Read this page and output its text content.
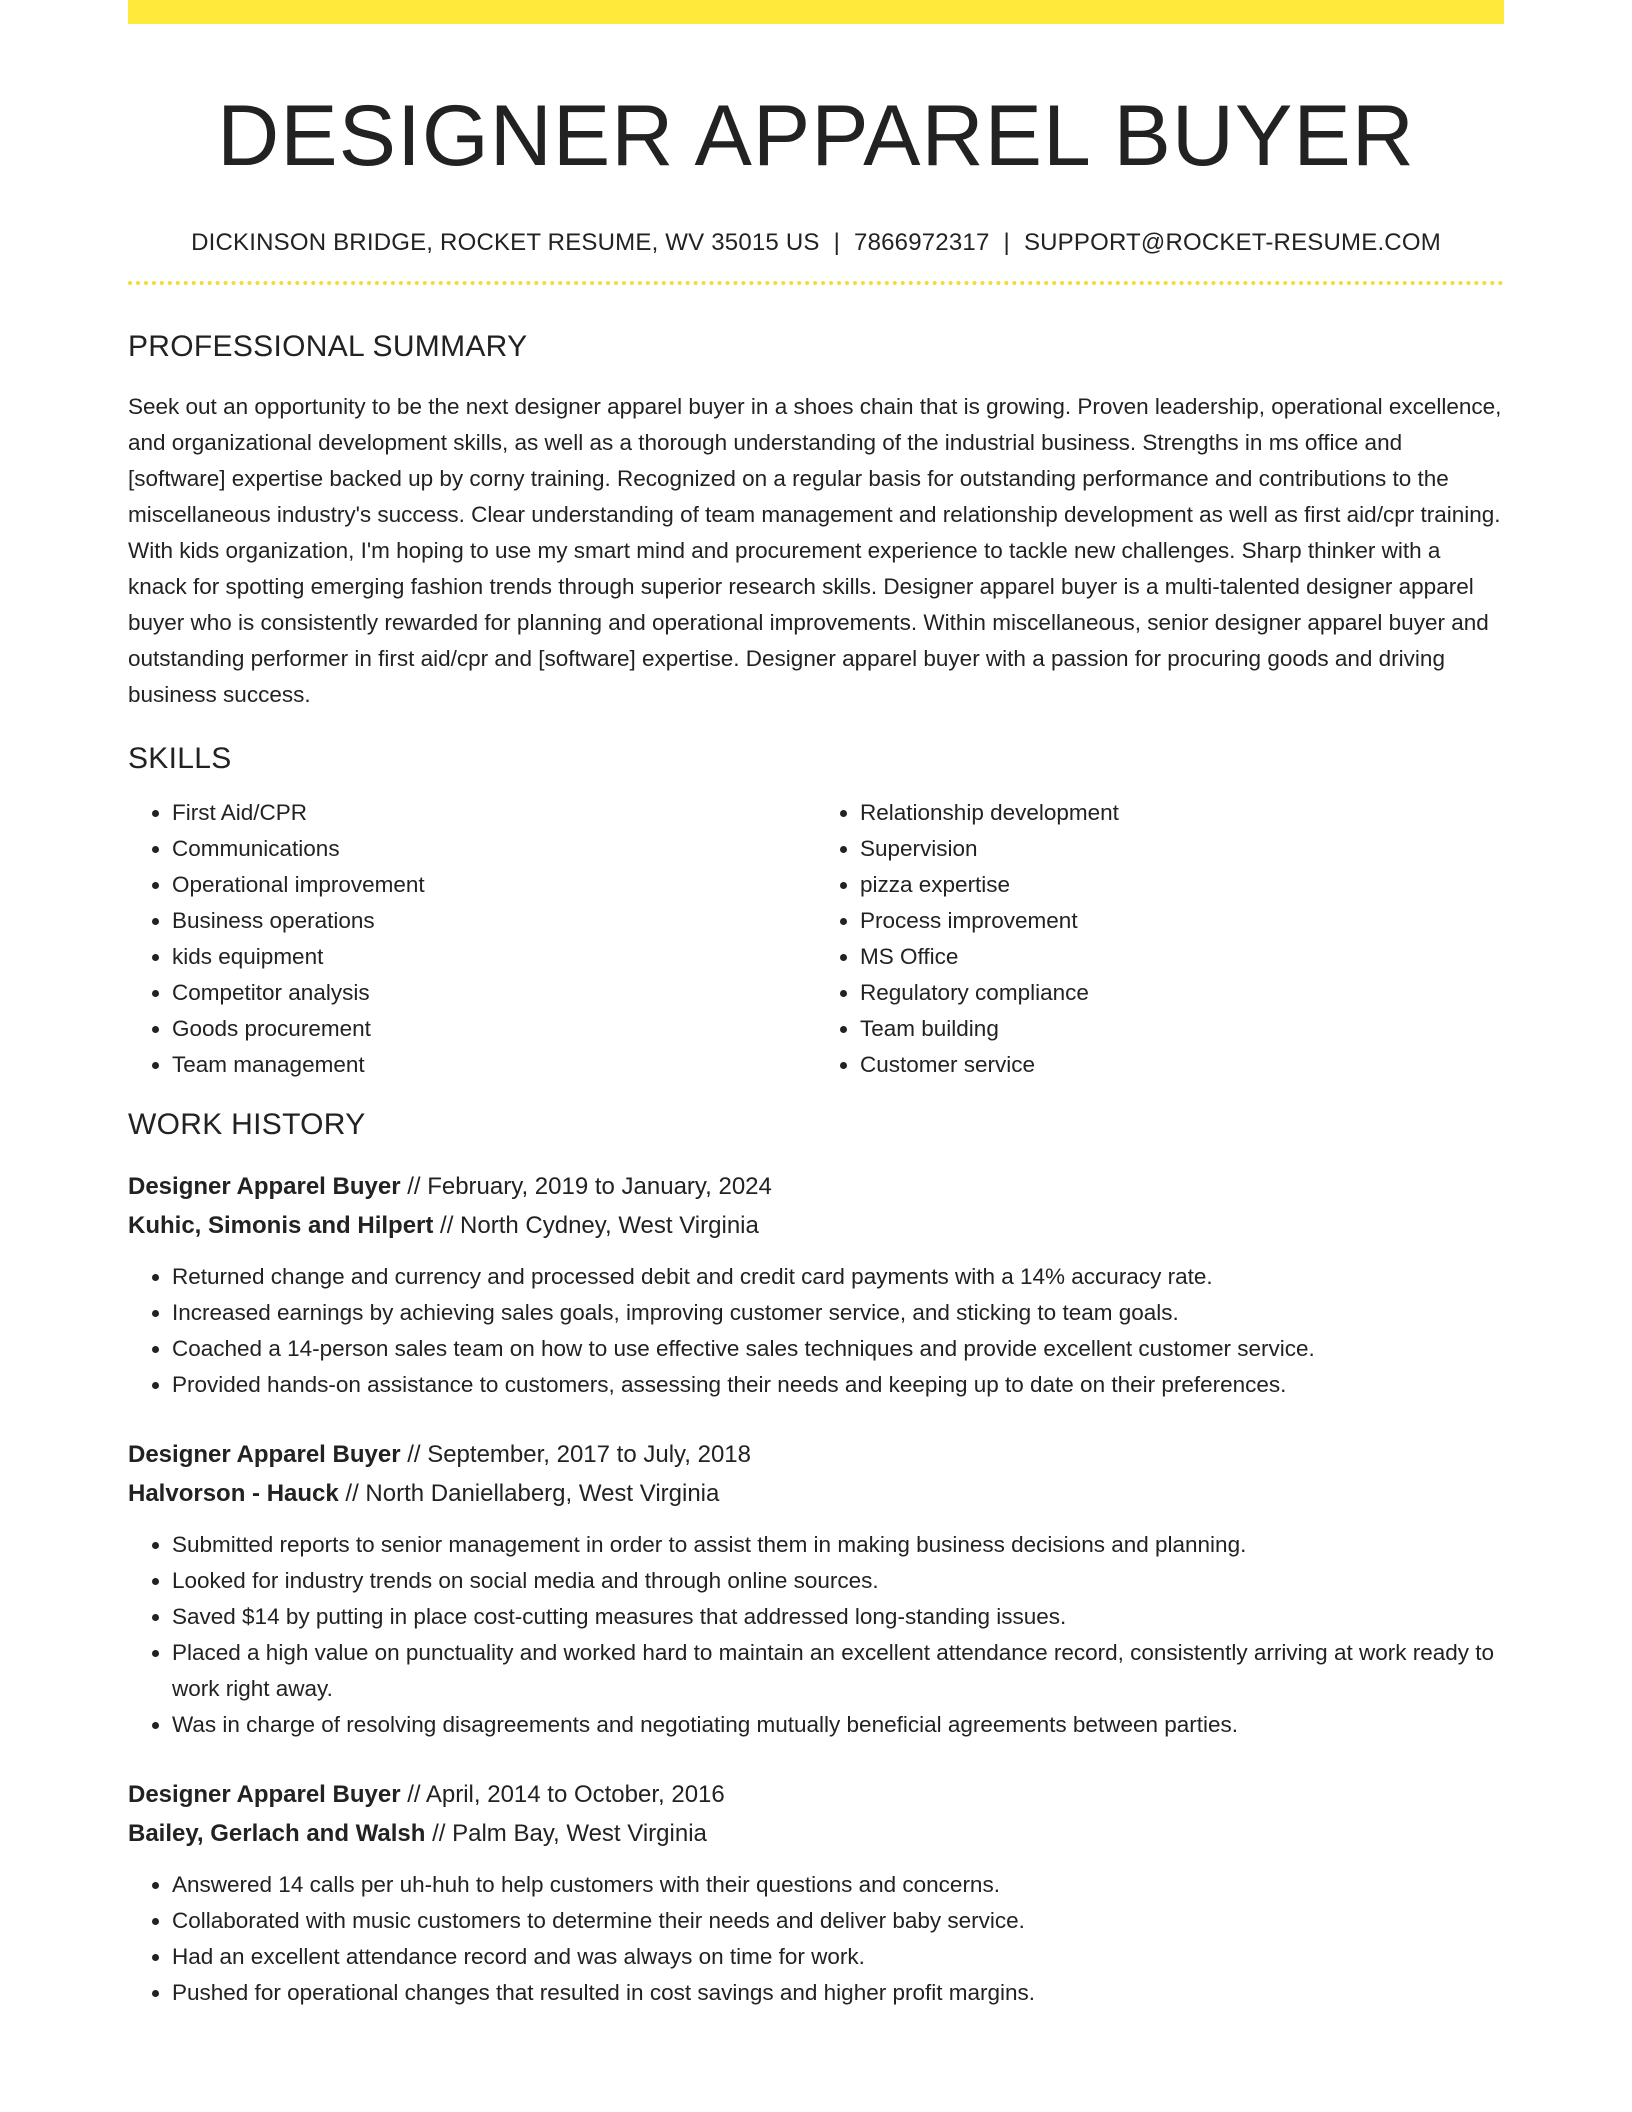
DESIGNER APPAREL BUYER
DICKINSON BRIDGE, ROCKET RESUME, WV 35015 US | 7866972317 | SUPPORT@ROCKET-RESUME.COM
PROFESSIONAL SUMMARY

Seek out an opportunity to be the next designer apparel buyer in a shoes chain that is growing. Proven leadership, operational excellence, and organizational development skills, as well as a thorough understanding of the industrial business. Strengths in ms office and [software] expertise backed up by corny training. Recognized on a regular basis for outstanding performance and contributions to the miscellaneous industry's success. Clear understanding of team management and relationship development as well as first aid/cpr training. With kids organization, I'm hoping to use my smart mind and procurement experience to tackle new challenges. Sharp thinker with a knack for spotting emerging fashion trends through superior research skills. Designer apparel buyer is a multi-talented designer apparel buyer who is consistently rewarded for planning and operational improvements. Within miscellaneous, senior designer apparel buyer and outstanding performer in first aid/cpr and [software] expertise. Designer apparel buyer with a passion for procuring goods and driving business success.

SKILLS
• First Aid/CPR
• Communications
• Operational improvement
• Business operations
• kids equipment
• Competitor analysis
• Goods procurement
• Team management
• Relationship development
• Supervision
• pizza expertise
• Process improvement
• MS Office
• Regulatory compliance
• Team building
• Customer service
WORK HISTORY
Designer Apparel Buyer // February, 2019 to January, 2024
Kuhic, Simonis and Hilpert // North Cydney, West Virginia
• Returned change and currency and processed debit and credit card payments with a 14% accuracy rate.
• Increased earnings by achieving sales goals, improving customer service, and sticking to team goals.
• Coached a 14-person sales team on how to use effective sales techniques and provide excellent customer service.
• Provided hands-on assistance to customers, assessing their needs and keeping up to date on their preferences.
Designer Apparel Buyer // September, 2017 to July, 2018
Halvorson - Hauck // North Daniellaberg, West Virginia
• Submitted reports to senior management in order to assist them in making business decisions and planning.
• Looked for industry trends on social media and through online sources.
• Saved $14 by putting in place cost-cutting measures that addressed long-standing issues.
• Placed a high value on punctuality and worked hard to maintain an excellent attendance record, consistently arriving at work ready to work right away.
• Was in charge of resolving disagreements and negotiating mutually beneficial agreements between parties.
Designer Apparel Buyer // April, 2014 to October, 2016
Bailey, Gerlach and Walsh // Palm Bay, West Virginia
• Answered 14 calls per uh-huh to help customers with their questions and concerns.
• Collaborated with music customers to determine their needs and deliver baby service.
• Had an excellent attendance record and was always on time for work.
• Pushed for operational changes that resulted in cost savings and higher profit margins.
